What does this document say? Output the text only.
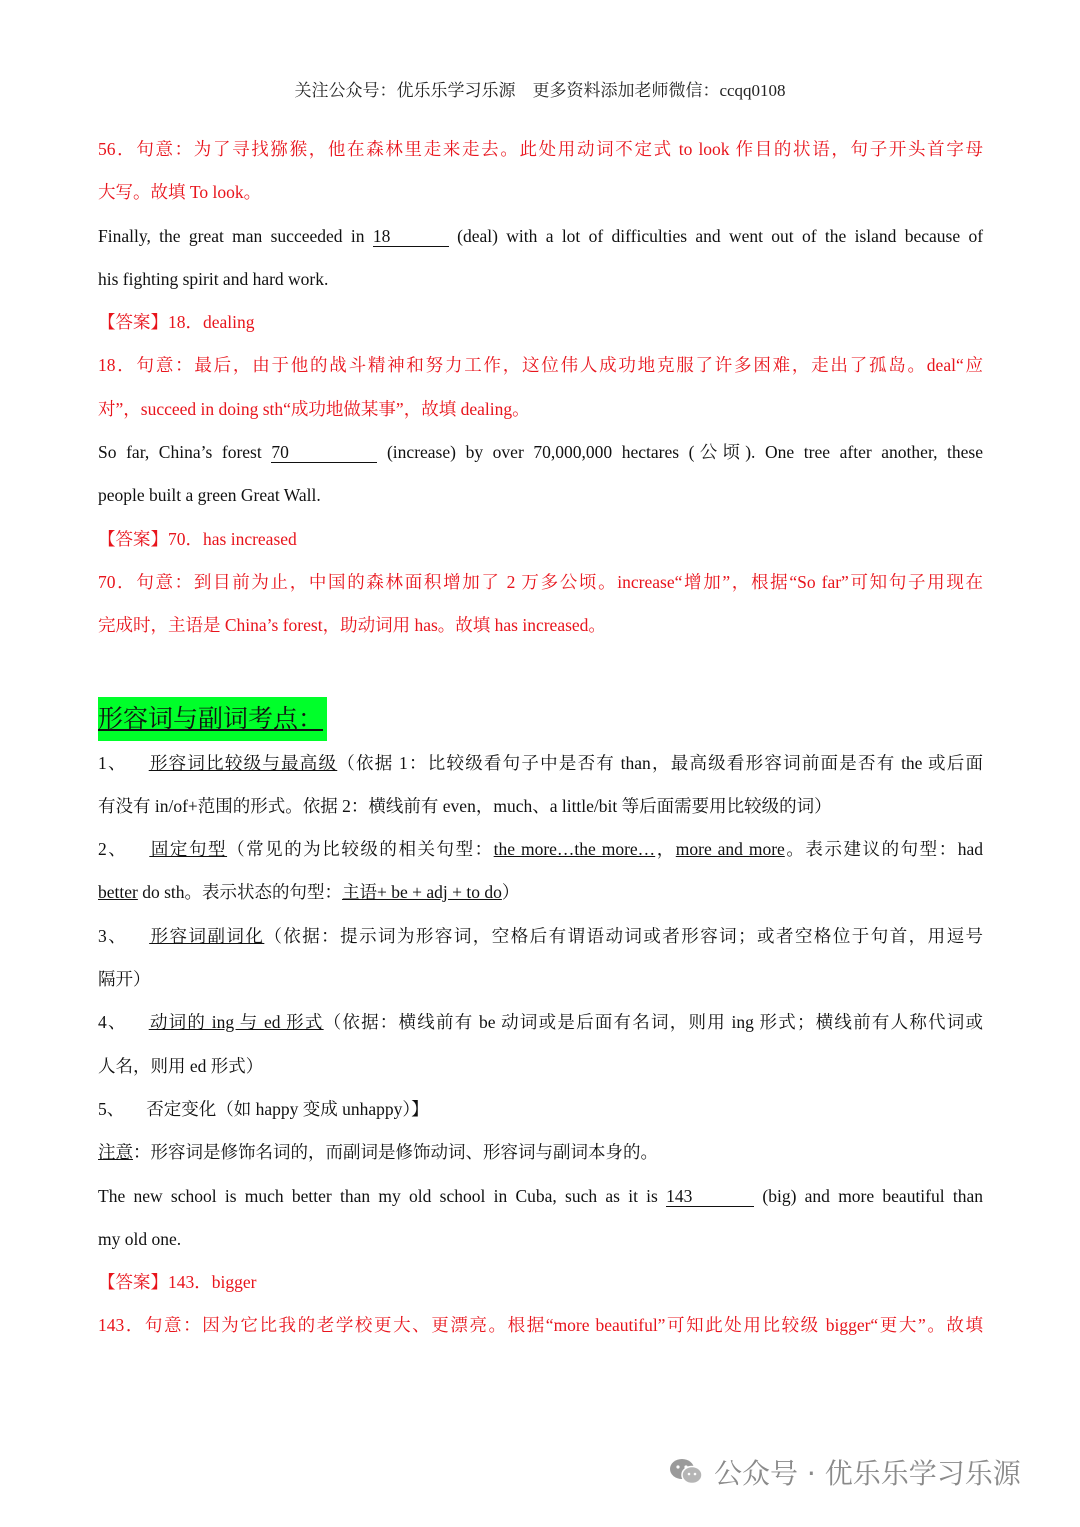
关注公众号：优乐乐学习乐源　更多资料添加老师微信：ccqq0108
56．句意：为了寻找猕猴，他在森林里走来走去。此处用动词不定式 to look 作目的状语，句子开头首字母
大写。故填 To look。
Finally, the great man succeeded in 18	(deal) with a lot of difficulties and went out of the island because of
his fighting spirit and hard work.
【答案】18．dealing
18．句意：最后，由于他的战斗精神和努力工作，这位伟人成功地克服了许多困难，走出了孤岛。deal“应
对”，succeed in doing sth“成功地做某事”，故填 dealing。
So far, China’s forest 70	(increase) by over 70,000,000 hectares (公顷). One tree after another, these
people built a green Great Wall.
【答案】70．has increased
70．句意：到目前为止，中国的森林面积增加了 2 万多公顷。increase“增加”，根据“So far”可知句子用现在
完成时，主语是 China’s forest，助动词用 has。故填 has increased。
形容词与副词考点：
1、 形容词比较级与最高级（依据 1：比较级看句子中是否有 than，最高级看形容词前面是否有 the 或后面
有没有 in/of+范围的形式。依据 2：横线前有 even，much、a little/bit 等后面需要用比较级的词）
2、 固定句型（常见的为比较级的相关句型：the more…the more…，more and more。表示建议的句型：had
better do sth。表示状态的句型：主语+ be + adj + to do）
3、 形容词副词化（依据：提示词为形容词，空格后有谓语动词或者形容词；或者空格位于句首，用逗号
隔开）
4、 动词的 ing 与 ed 形式（依据：横线前有 be 动词或是后面有名词，则用 ing 形式；横线前有人称代词或
人名，则用 ed 形式）
5、 否定变化（如 happy 变成 unhappy）】
注意：形容词是修饰名词的，而副词是修饰动词、形容词与副词本身的。
The new school is much better than my old school in Cuba, such as it is 143	(big) and more beautiful than
my old one.
【答案】143．bigger
143．句意：因为它比我的老学校更大、更漂亮。根据“more beautiful”可知此处用比较级 bigger“更大”。故填
公众号 · 优乐乐学习乐源
